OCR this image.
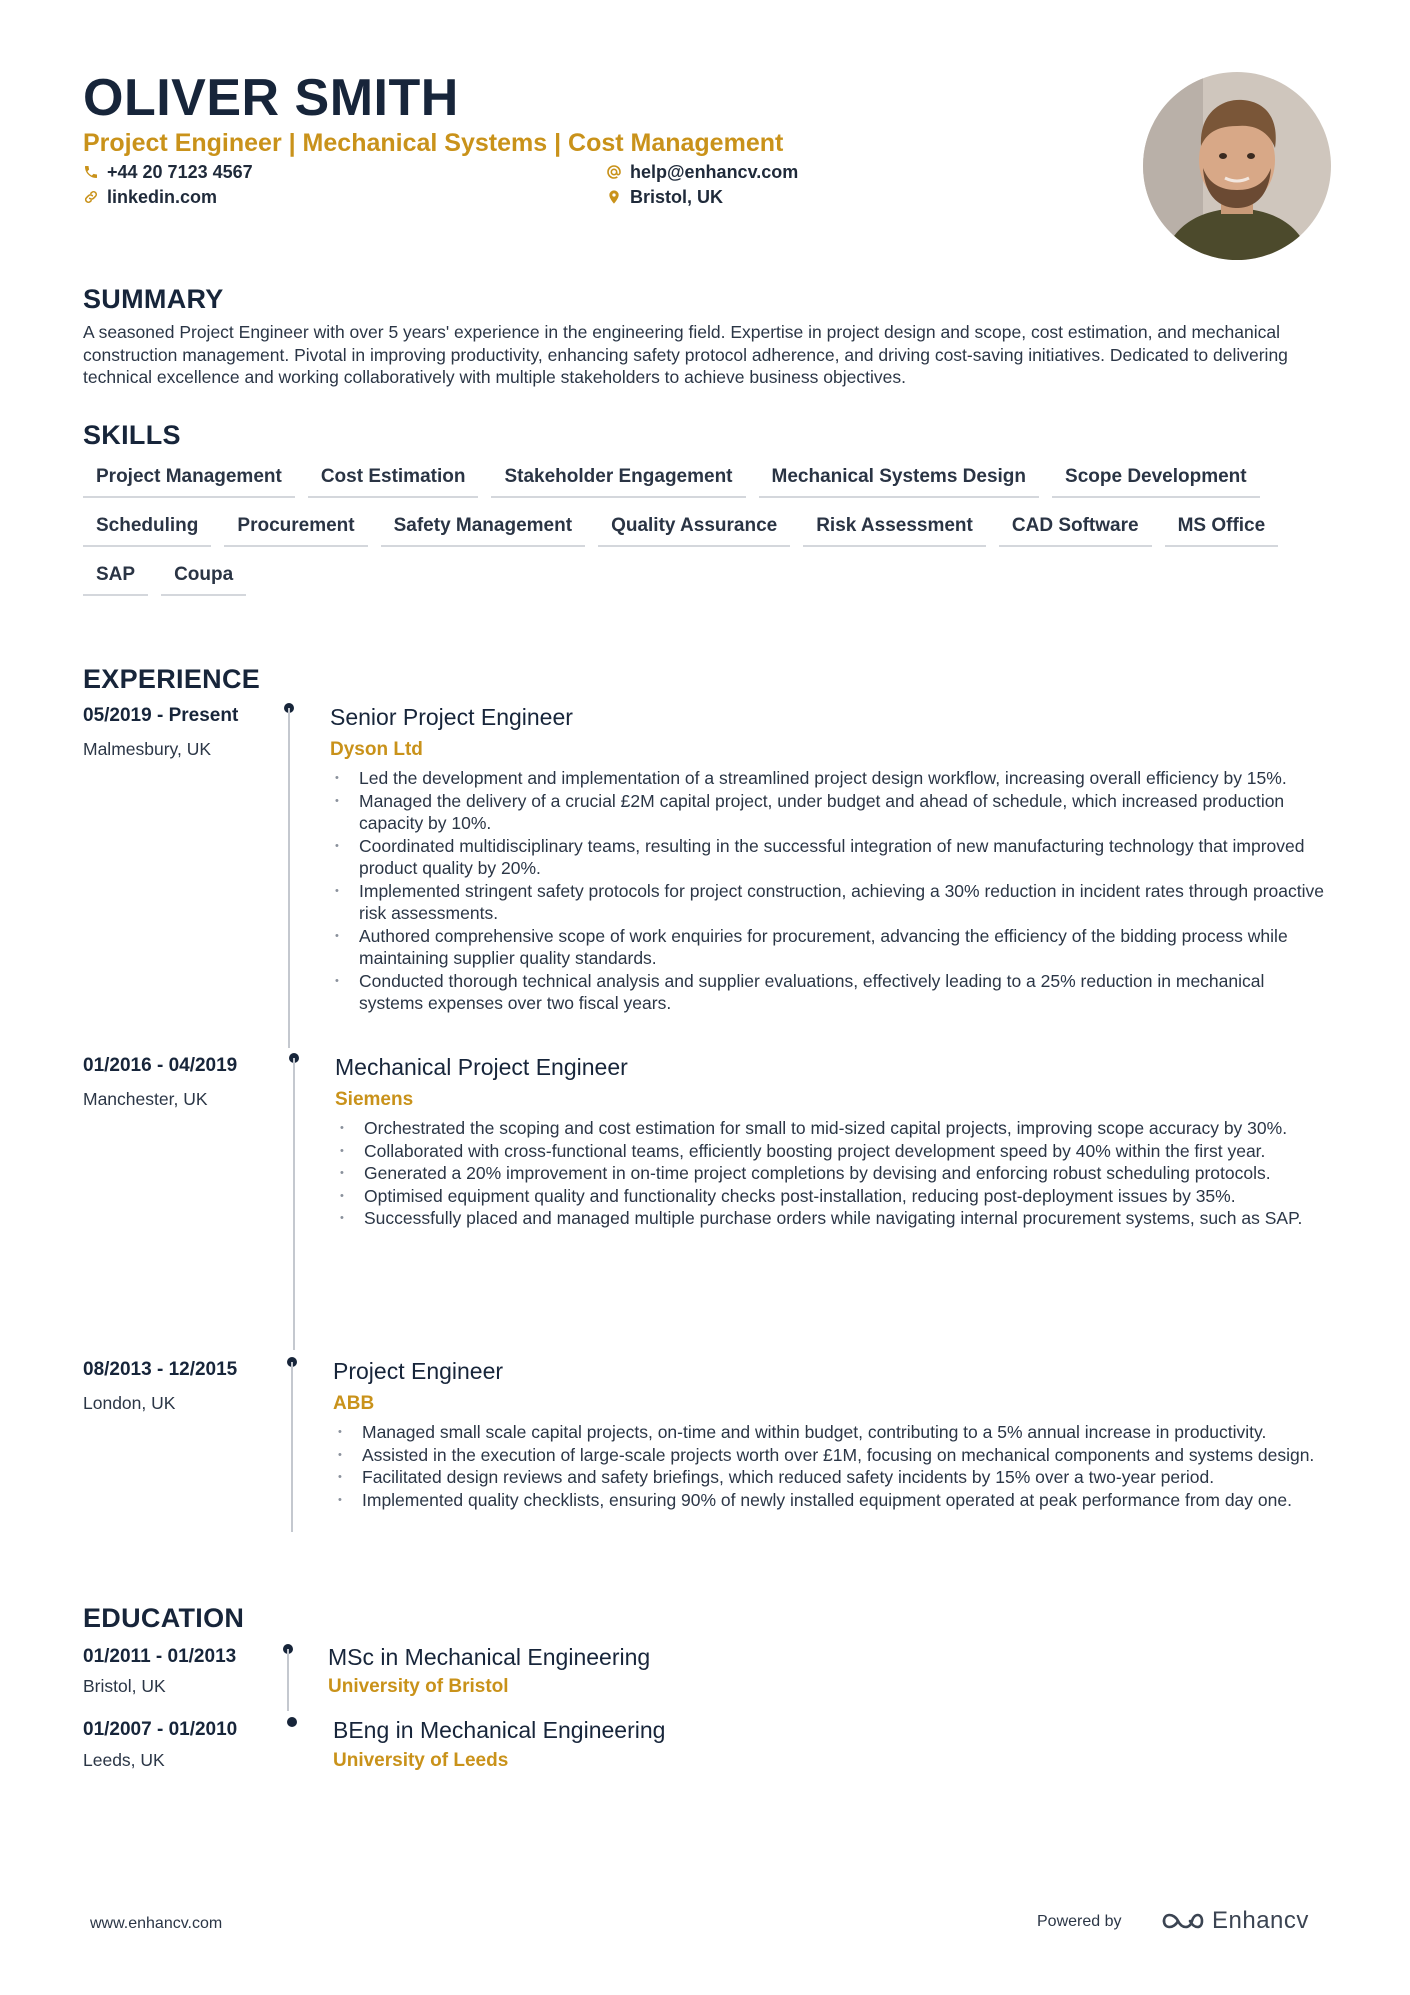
OLIVER SMITH
Project Engineer | Mechanical Systems | Cost Management
+44 20 7123 4567	help@enhancv.com
linkedin.com	Bristol, UK
SUMMARY

A seasoned Project Engineer with over 5 years' experience in the engineering field. Expertise in project design and scope, cost estimation, and mechanical construction management. Pivotal in improving productivity, enhancing safety protocol adherence, and driving cost-saving initiatives. Dedicated to delivering technical excellence and working collaboratively with multiple stakeholders to achieve business objectives.

SKILLS
Project Management	Cost Estimation	Stakeholder Engagement	Mechanical Systems Design	Scope Development
Scheduling	Procurement	Safety Management	Quality Assurance	Risk Assessment	CAD Software	MS Office
SAP	Coupa
EXPERIENCE
05/2019 - Present
Malmesbury, UK
Senior Project Engineer
Dyson Ltd
• Led the development and implementation of a streamlined project design workflow, increasing overall efficiency by 15%.
• Managed the delivery of a crucial £2M capital project, under budget and ahead of schedule, which increased production capacity by 10%.
• Coordinated multidisciplinary teams, resulting in the successful integration of new manufacturing technology that improved product quality by 20%.
• Implemented stringent safety protocols for project construction, achieving a 30% reduction in incident rates through proactive risk assessments.
• Authored comprehensive scope of work enquiries for procurement, advancing the efficiency of the bidding process while maintaining supplier quality standards.
• Conducted thorough technical analysis and supplier evaluations, effectively leading to a 25% reduction in mechanical systems expenses over two fiscal years.
01/2016 - 04/2019
Manchester, UK
Mechanical Project Engineer
Siemens
• Orchestrated the scoping and cost estimation for small to mid-sized capital projects, improving scope accuracy by 30%.
• Collaborated with cross-functional teams, efficiently boosting project development speed by 40% within the first year.
• Generated a 20% improvement in on-time project completions by devising and enforcing robust scheduling protocols.
• Optimised equipment quality and functionality checks post-installation, reducing post-deployment issues by 35%.
• Successfully placed and managed multiple purchase orders while navigating internal procurement systems, such as SAP.
08/2013 - 12/2015
London, UK
Project Engineer
ABB
• Managed small scale capital projects, on-time and within budget, contributing to a 5% annual increase in productivity.
• Assisted in the execution of large-scale projects worth over £1M, focusing on mechanical components and systems design.
• Facilitated design reviews and safety briefings, which reduced safety incidents by 15% over a two-year period.
• Implemented quality checklists, ensuring 90% of newly installed equipment operated at peak performance from day one.
EDUCATION
01/2011 - 01/2013
Bristol, UK
MSc in Mechanical Engineering
University of Bristol
01/2007 - 01/2010
Leeds, UK
BEng in Mechanical Engineering
University of Leeds
www.enhancv.com	Powered by	Enhancv
